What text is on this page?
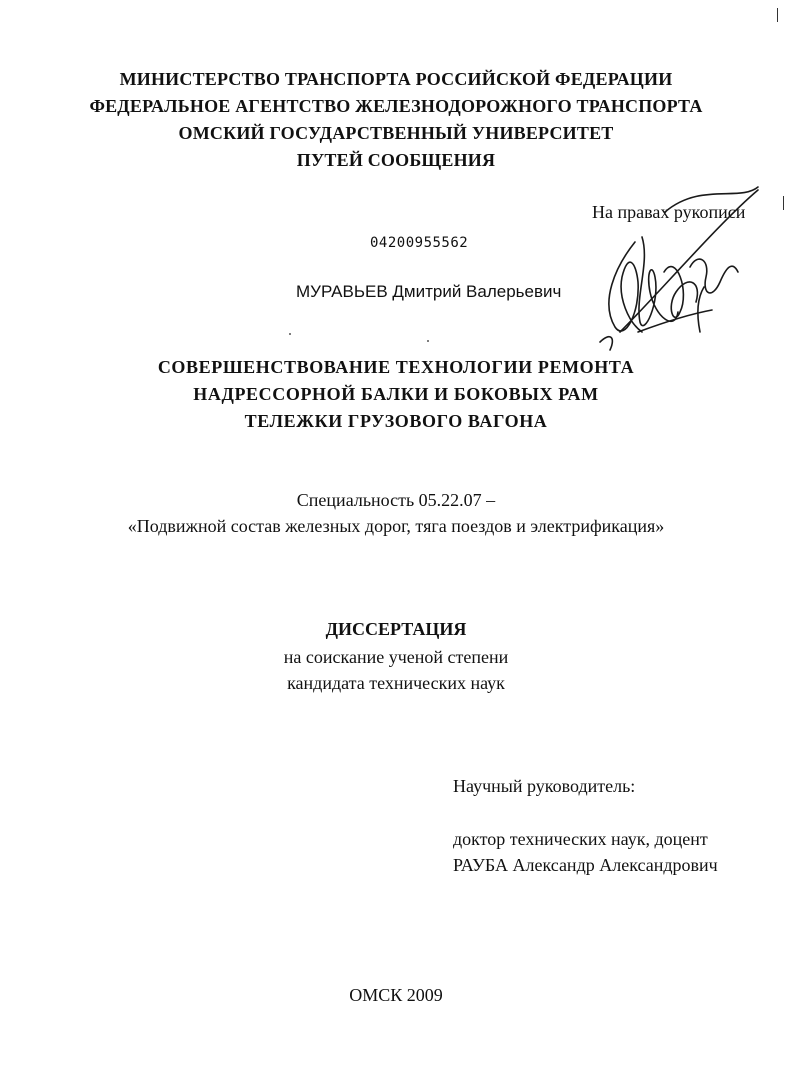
МИНИСТЕРСТВО ТРАНСПОРТА РОССИЙСКОЙ ФЕДЕРАЦИИ
ФЕДЕРАЛЬНОЕ АГЕНТСТВО ЖЕЛЕЗНОДОРОЖНОГО ТРАНСПОРТА
ОМСКИЙ ГОСУДАРСТВЕННЫЙ УНИВЕРСИТЕТ
ПУТЕЙ СООБЩЕНИЯ
На правах рукописи
04200955562
МУРАВЬЕВ Дмитрий Валерьевич
СОВЕРШЕНСТВОВАНИЕ ТЕХНОЛОГИИ РЕМОНТА
НАДРЕССОРНОЙ БАЛКИ И БОКОВЫХ РАМ
ТЕЛЕЖКИ ГРУЗОВОГО ВАГОНА
Специальность 05.22.07 –
«Подвижной состав железных дорог, тяга поездов и электрификация»
ДИССЕРТАЦИЯ
на соискание ученой степени
кандидата технических наук
Научный руководитель:
доктор технических наук, доцент
РАУБА Александр Александрович
ОМСК 2009
